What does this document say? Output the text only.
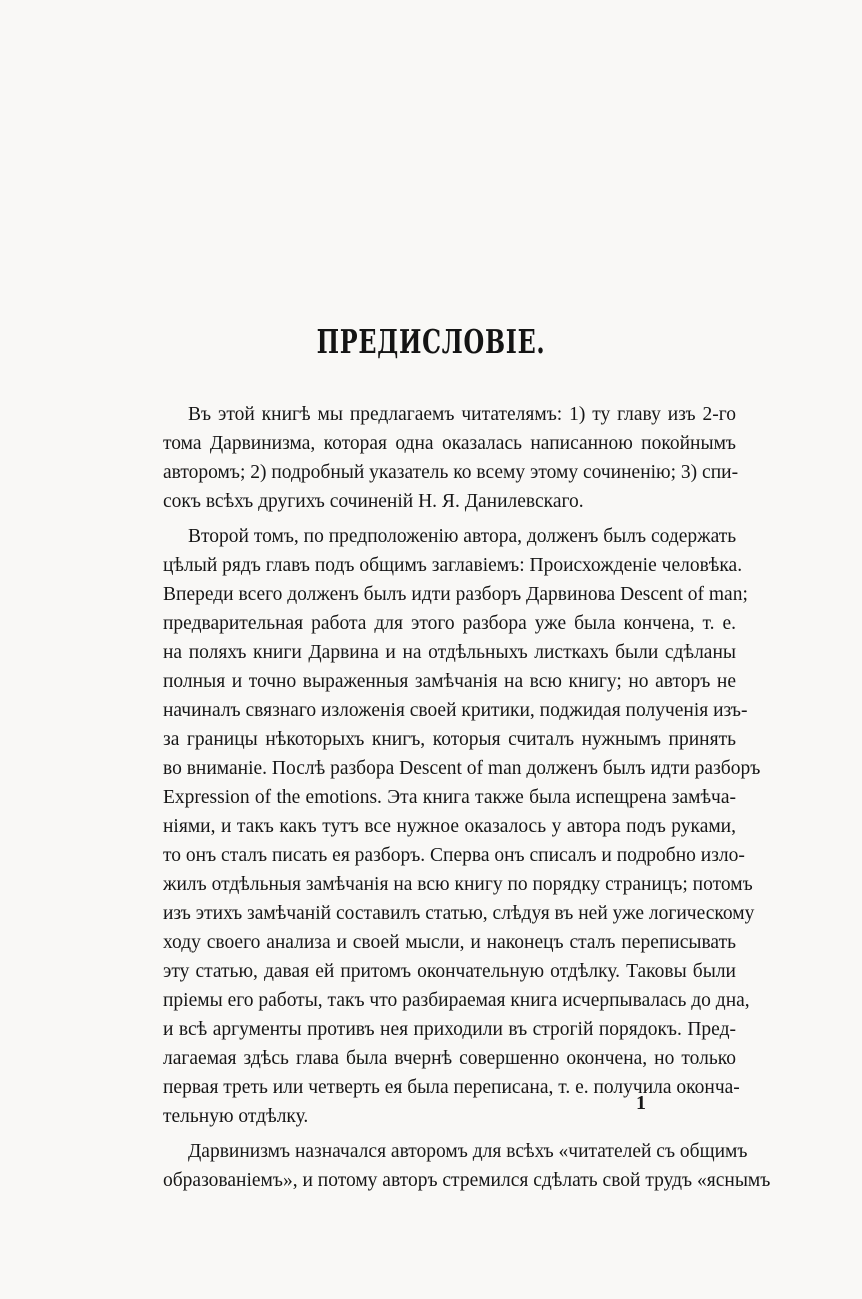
ПРЕДИСЛОВІЕ.
Въ этой книгѣ мы предлагаемъ читателямъ: 1) ту главу изъ 2-го
тома Дарвинизма, которая одна оказалась написанною покойнымъ
авторомъ; 2) подробный указатель ко всему этому сочиненію; 3) спи-
сокъ всѣхъ другихъ сочиненій Н. Я. Данилевскаго.
Второй томъ, по предположенію автора, долженъ былъ содержать
цѣлый рядъ главъ подъ общимъ заглавіемъ: Происхожденіе человѣка.
Впереди всего долженъ былъ идти разборъ Дарвинова Descent of man;
предварительная работа для этого разбора уже была кончена, т. е.
на поляхъ книги Дарвина и на отдѣльныхъ листкахъ были сдѣланы
полныя и точно выраженныя замѣчанія на всю книгу; но авторъ не
начиналъ связнаго изложенія своей критики, поджидая полученія изъ-
за границы нѣкоторыхъ книгъ, которыя считалъ нужнымъ принять
во вниманіе. Послѣ разбора Descent of man долженъ былъ идти разборъ
Expression of the emotions. Эта книга также была испещрена замѣча-
ніями, и такъ какъ тутъ все нужное оказалось у автора подъ руками,
то онъ сталъ писать ея разборъ. Сперва онъ списалъ и подробно изло-
жилъ отдѣльныя замѣчанія на всю книгу по порядку страницъ; потомъ
изъ этихъ замѣчаній составилъ статью, слѣдуя въ ней уже логическому
ходу своего анализа и своей мысли, и наконецъ сталъ переписывать
эту статью, давая ей притомъ окончательную отдѣлку. Таковы были
пріемы его работы, такъ что разбираемая книга исчерпывалась до дна,
и всѣ аргументы противъ нея приходили въ строгій порядокъ. Пред-
лагаемая здѣсь глава была вчернѣ совершенно окончена, но только
первая треть или четверть ея была переписана, т. е. получила оконча-
тельную отдѣлку.
Дарвинизмъ назначался авторомъ для всѣхъ «читателей съ общимъ
образованіемъ», и потому авторъ стремился сдѣлать свой трудъ «яснымъ
1
